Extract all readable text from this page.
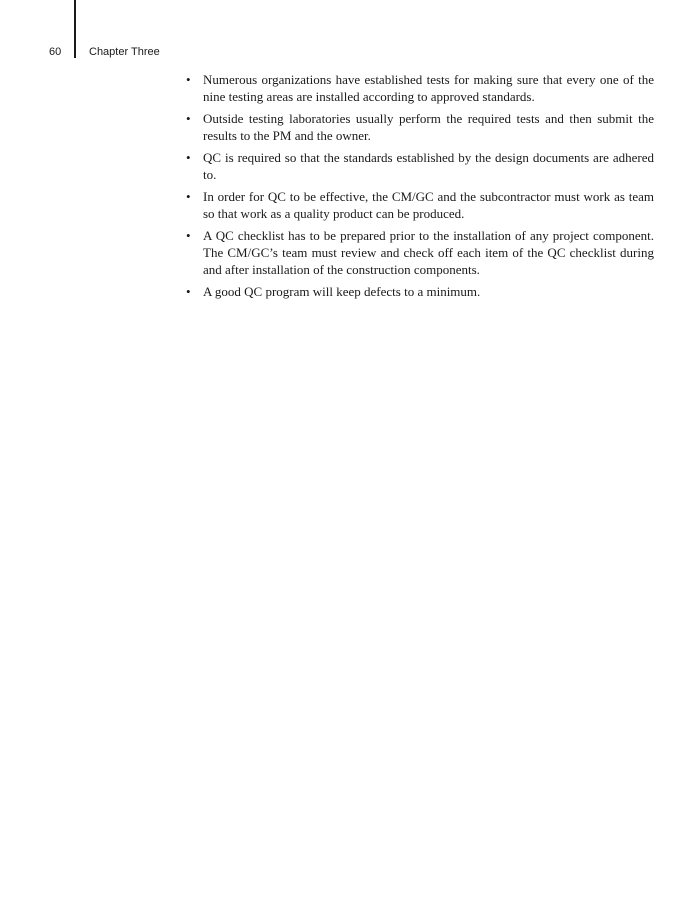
60	Chapter Three
• Numerous organizations have established tests for making sure that every one of the nine testing areas are installed according to approved standards.
• Outside testing laboratories usually perform the required tests and then submit the results to the PM and the owner.
• QC is required so that the standards established by the design documents are adhered to.
• In order for QC to be effective, the CM/GC and the subcontractor must work as team so that work as a quality product can be produced.
• A QC checklist has to be prepared prior to the installation of any project component. The CM/GC’s team must review and check off each item of the QC checklist during and after installation of the construction components.
• A good QC program will keep defects to a minimum.
